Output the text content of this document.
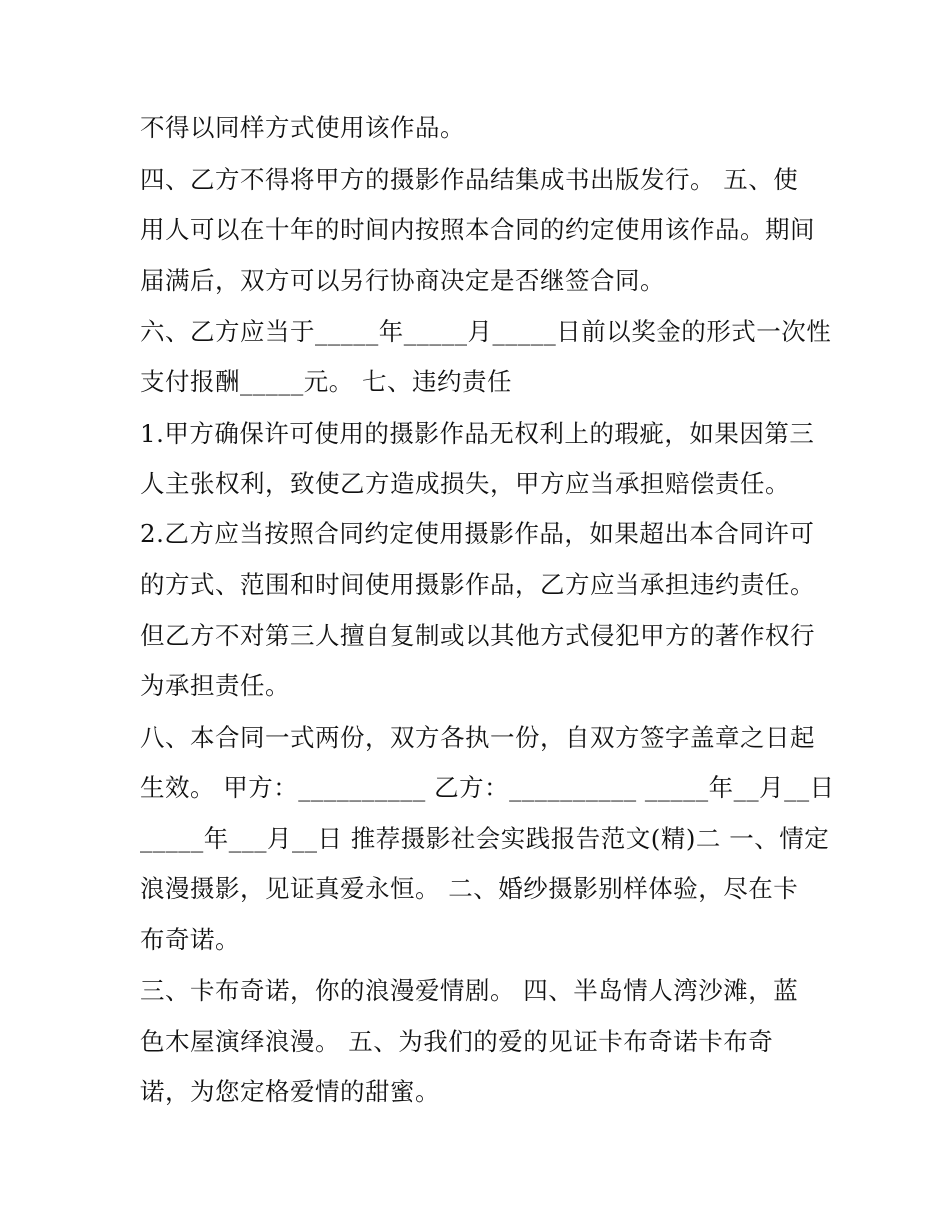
不得以同样方式使用该作品。
四、乙方不得将甲方的摄影作品结集成书出版发行。 五、使
用人可以在十年的时间内按照本合同的约定使用该作品。期间
届满后，双方可以另行协商决定是否继签合同。
六、乙方应当于_____年_____月_____日前以奖金的形式一次性
支付报酬_____元。 七、违约责任
1.甲方确保许可使用的摄影作品无权利上的瑕疵，如果因第三
人主张权利，致使乙方造成损失，甲方应当承担赔偿责任。
2.乙方应当按照合同约定使用摄影作品，如果超出本合同许可
的方式、范围和时间使用摄影作品，乙方应当承担违约责任。
但乙方不对第三人擅自复制或以其他方式侵犯甲方的著作权行
为承担责任。
八、本合同一式两份，双方各执一份，自双方签字盖章之日起
生效。 甲方：__________ 乙方：__________ _____年__月__日
_____年___月__日 推荐摄影社会实践报告范文(精)二 一、情定
浪漫摄影，见证真爱永恒。 二、婚纱摄影别样体验，尽在卡
布奇诺。
三、卡布奇诺，你的浪漫爱情剧。 四、半岛情人湾沙滩，蓝
色木屋演绎浪漫。 五、为我们的爱的见证卡布奇诺卡布奇
诺，为您定格爱情的甜蜜。
